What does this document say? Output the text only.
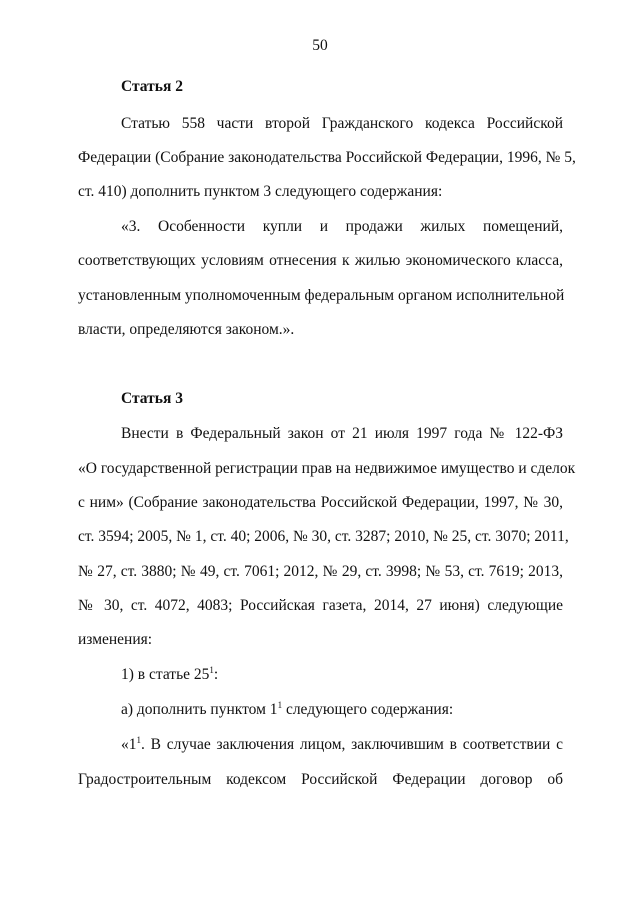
50
Статья 2
Статью 558 части второй Гражданского кодекса Российской
Федерации (Собрание законодательства Российской Федерации, 1996, № 5,
ст. 410) дополнить пунктом 3 следующего содержания:
«3. Особенности купли и продажи жилых помещений,
соответствующих условиям отнесения к жилью экономического класса,
установленным уполномоченным федеральным органом исполнительной
власти, определяются законом.».
Статья 3
Внести в Федеральный закон от 21 июля 1997 года № 122-ФЗ
«О государственной регистрации прав на недвижимое имущество и сделок
с ним» (Собрание законодательства Российской Федерации, 1997, № 30,
ст. 3594; 2005, № 1, ст. 40; 2006, № 30, ст. 3287; 2010, № 25, ст. 3070; 2011,
№ 27, ст. 3880; № 49, ст. 7061; 2012, № 29, ст. 3998; № 53, ст. 7619; 2013,
№ 30, ст. 4072, 4083; Российская газета, 2014, 27 июня) следующие
изменения:
1) в статье $25^1$:
а) дополнить пунктом $1^1$ следующего содержания:
«$1^1$. В случае заключения лицом, заключившим в соответствии с
Градостроительным кодексом Российской Федерации договор об
